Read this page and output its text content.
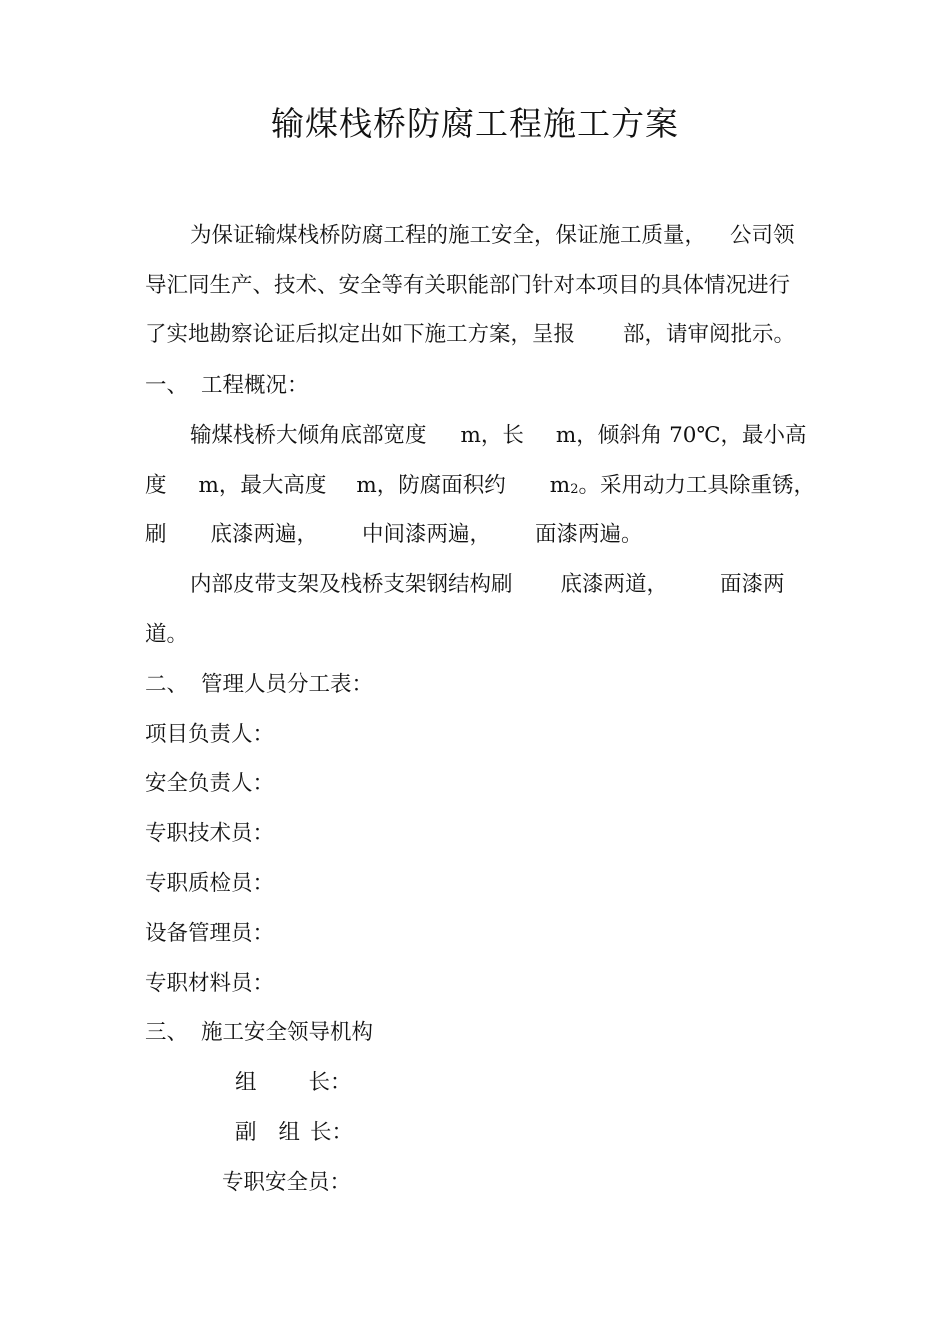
输煤栈桥防腐工程施工方案
为保证输煤栈桥防腐工程的施工安全，保证施工质量， 公司领
导汇同生产、技术、安全等有关职能部门针对本项目的具体情况进行
了实地勘察论证后拟定出如下施工方案，呈报 部，请审阅批示。
一、 工程概况：
输煤栈桥大倾角底部宽度 m，长 m，倾斜角 70℃，最小高
度 m，最大高度 m，防腐面积约 $m_2$。采用动力工具除重锈，
刷 底漆两遍， 中间漆两遍， 面漆两遍。
内部皮带支架及栈桥支架钢结构刷 底漆两道， 面漆两
道。
二、 管理人员分工表：
项目负责人：
安全负责人：
专职技术员：
专职质检员：
设备管理员：
专职材料员：
三、 施工安全领导机构
组 长：
副 组 长：
专职安全员：
